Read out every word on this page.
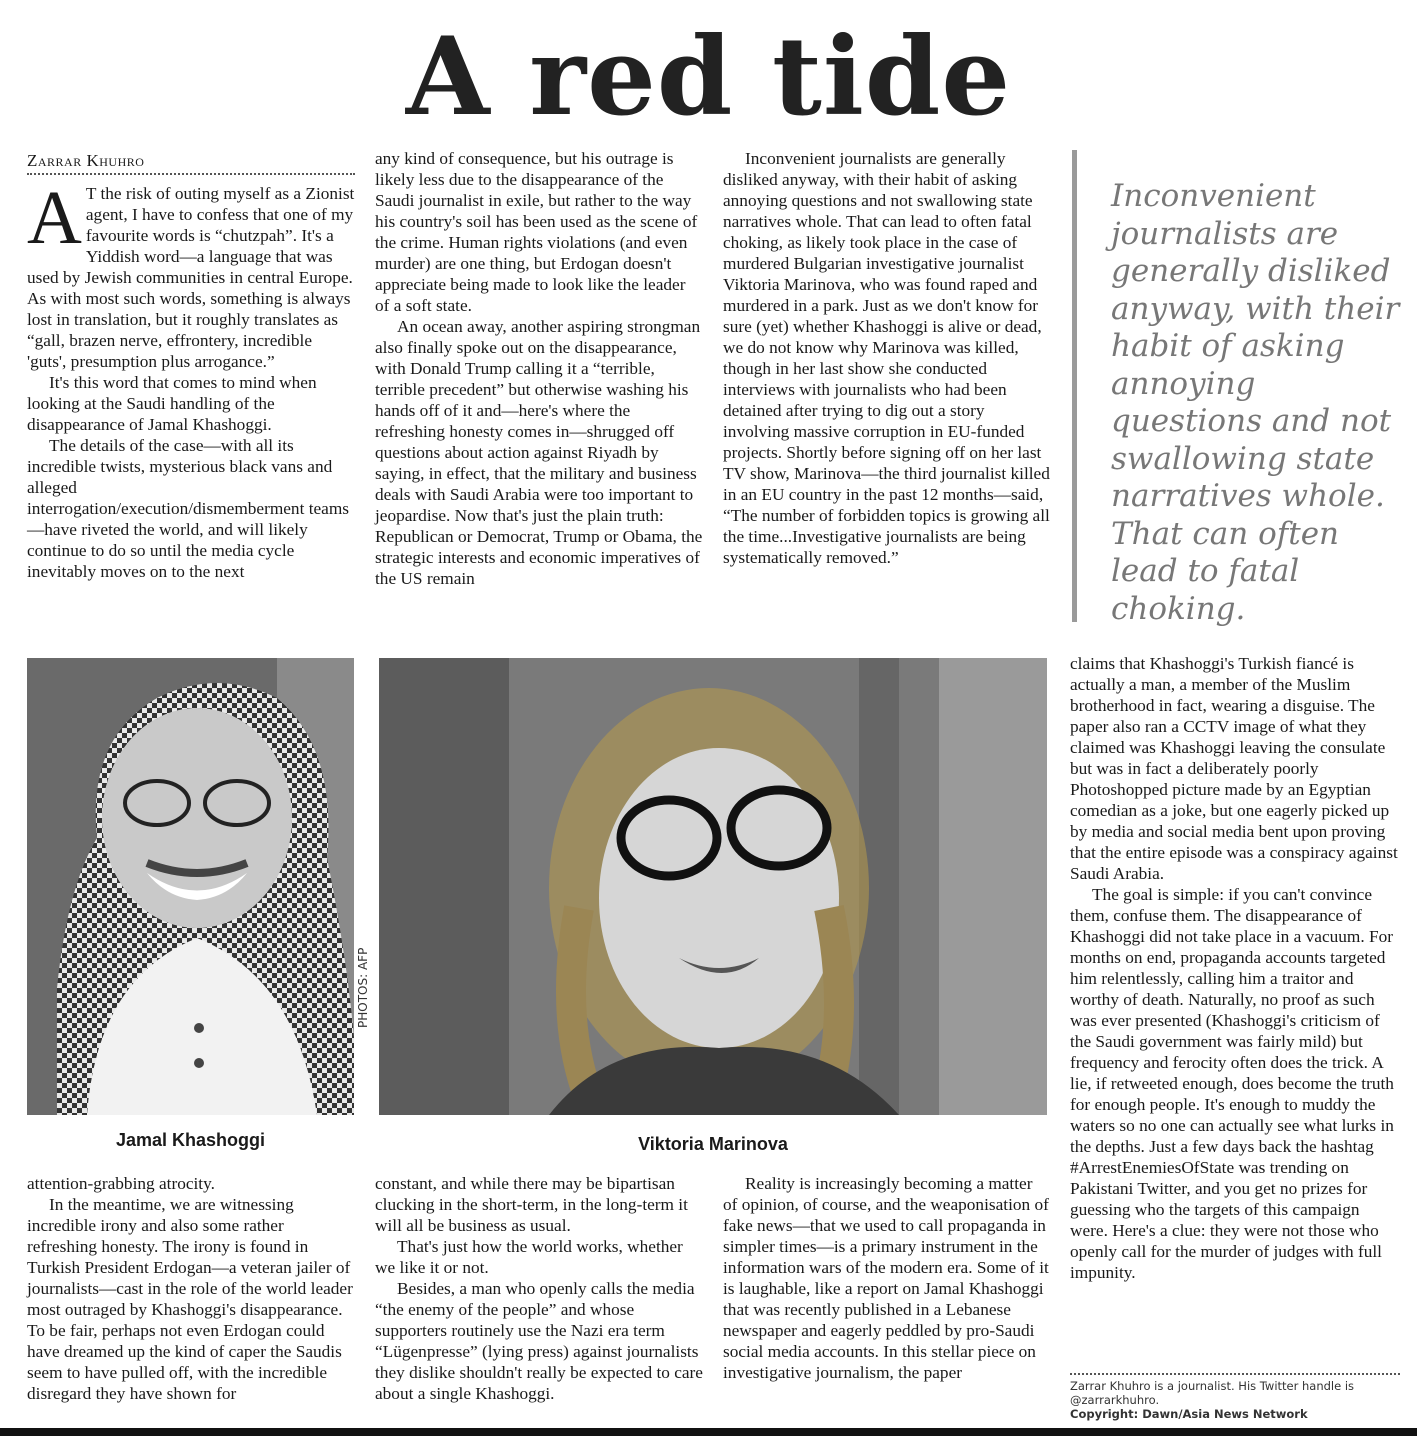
A red tide
Zarrar Khuhro

A T the risk of outing myself as a Zionist agent, I have to confess that one of my favourite words is “chutzpah”. It's a Yiddish word—a language that was used by Jewish communities in central Europe. As with most such words, something is always lost in translation, but it roughly translates as “gall, brazen nerve, effrontery, incredible 'guts', presumption plus arrogance.”

It's this word that comes to mind when looking at the Saudi handling of the disappearance of Jamal Khashoggi.

The details of the case—with all its incredible twists, mysterious black vans and alleged interrogation/execution/dismemberment teams—have riveted the world, and will likely continue to do so until the media cycle inevitably moves on to the next

any kind of consequence, but his outrage is likely less due to the disappearance of the Saudi journalist in exile, but rather to the way his country's soil has been used as the scene of the crime. Human rights violations (and even murder) are one thing, but Erdogan doesn't appreciate being made to look like the leader of a soft state.

An ocean away, another aspiring strongman also finally spoke out on the disappearance, with Donald Trump calling it a “terrible, terrible precedent” but otherwise washing his hands off of it and—here's where the refreshing honesty comes in—shrugged off questions about action against Riyadh by saying, in effect, that the military and business deals with Saudi Arabia were too important to jeopardise. Now that's just the plain truth: Republican or Democrat, Trump or Obama, the strategic interests and economic imperatives of the US remain

Inconvenient journalists are generally disliked anyway, with their habit of asking annoying questions and not swallowing state narratives whole. That can lead to often fatal choking, as likely took place in the case of murdered Bulgarian investigative journalist Viktoria Marinova, who was found raped and murdered in a park. Just as we don't know for sure (yet) whether Khashoggi is alive or dead, we do not know why Marinova was killed, though in her last show she conducted interviews with journalists who had been detained after trying to dig out a story involving massive corruption in EU-funded projects. Shortly before signing off on her last TV show, Marinova—the third journalist killed in an EU country in the past 12 months—said, “The number of forbidden topics is growing all the time...Investigative journalists are being systematically removed.”

Inconvenient journalists are generally disliked anyway, with their habit of asking annoying questions and not swallowing state narratives whole. That can often lead to fatal choking.
PHOTOS: AFP
Jamal Khashoggi	Viktoria Marinova

attention-grabbing atrocity.

In the meantime, we are witnessing incredible irony and also some rather refreshing honesty. The irony is found in Turkish President Erdogan—a veteran jailer of journalists—cast in the role of the world leader most outraged by Khashoggi's disappearance. To be fair, perhaps not even Erdogan could have dreamed up the kind of caper the Saudis seem to have pulled off, with the incredible disregard they have shown for

constant, and while there may be bipartisan clucking in the short-term, in the long-term it will all be business as usual.

That's just how the world works, whether we like it or not.

Besides, a man who openly calls the media “the enemy of the people” and whose supporters routinely use the Nazi era term “Lügenpresse” (lying press) against journalists they dislike shouldn't really be expected to care about a single Khashoggi.

Reality is increasingly becoming a matter of opinion, of course, and the weaponisation of fake news—that we used to call propaganda in simpler times—is a primary instrument in the information wars of the modern era. Some of it is laughable, like a report on Jamal Khashoggi that was recently published in a Lebanese newspaper and eagerly peddled by pro-Saudi social media accounts. In this stellar piece on investigative journalism, the paper

claims that Khashoggi's Turkish fiancé is actually a man, a member of the Muslim brotherhood in fact, wearing a disguise. The paper also ran a CCTV image of what they claimed was Khashoggi leaving the consulate but was in fact a deliberately poorly Photoshopped picture made by an Egyptian comedian as a joke, but one eagerly picked up by media and social media bent upon proving that the entire episode was a conspiracy against Saudi Arabia.

The goal is simple: if you can't convince them, confuse them. The disappearance of Khashoggi did not take place in a vacuum. For months on end, propaganda accounts targeted him relentlessly, calling him a traitor and worthy of death. Naturally, no proof as such was ever presented (Khashoggi's criticism of the Saudi government was fairly mild) but frequency and ferocity often does the trick. A lie, if retweeted enough, does become the truth for enough people. It's enough to muddy the waters so no one can actually see what lurks in the depths. Just a few days back the hashtag #ArrestEnemiesOfState was trending on Pakistani Twitter, and you get no prizes for guessing who the targets of this campaign were. Here's a clue: they were not those who openly call for the murder of judges with full impunity.

Zarrar Khuhro is a journalist. His Twitter handle is @zarrarkhuhro.
Copyright: Dawn/Asia News Network
